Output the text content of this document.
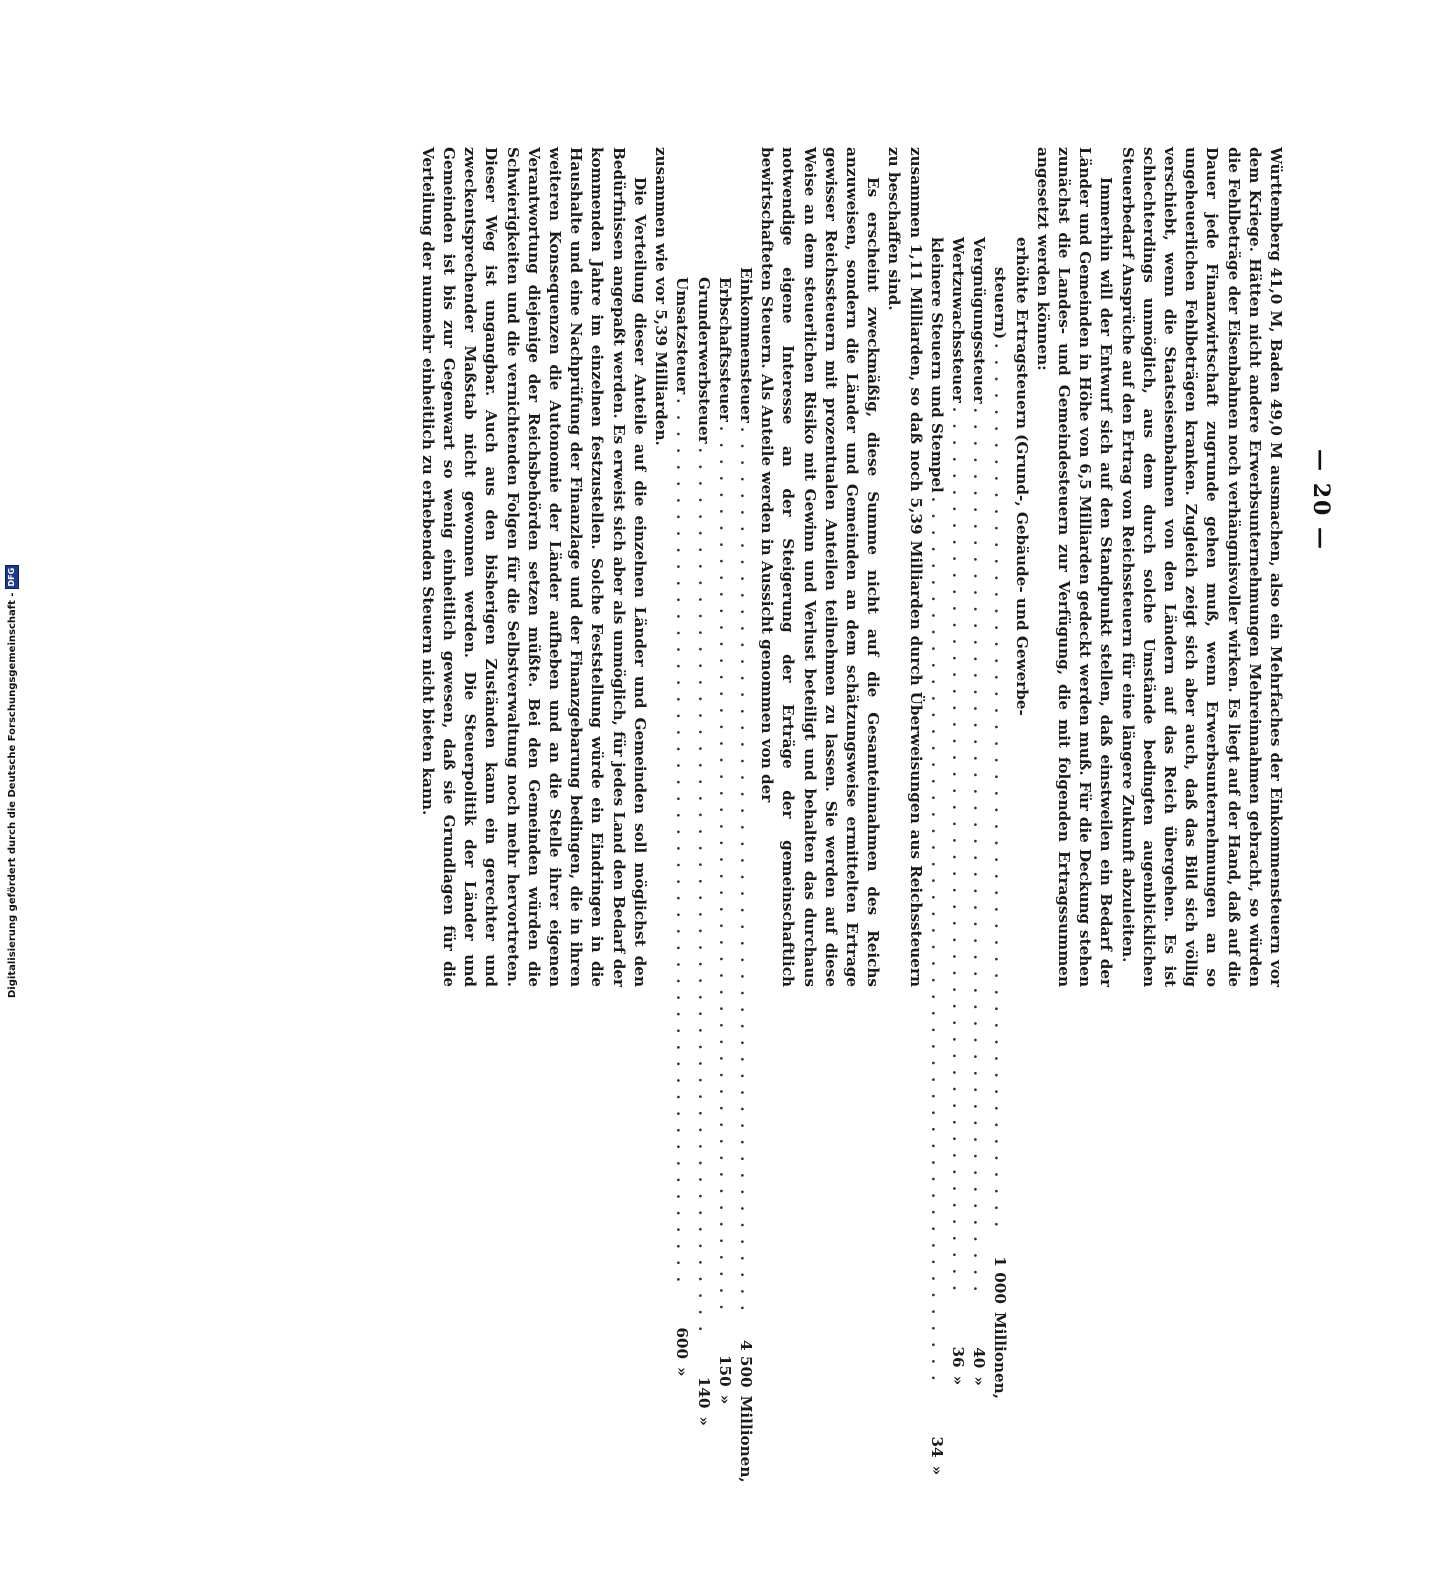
— 20 —

Württemberg 41,0 M, Baden 49,0 M ausmachen, also ein Mehrfaches der Einkommensteuern vor dem Kriege. Hätten nicht andere Erwerbsunternehmungen Mehreinnahmen gebracht, so würden die Fehlbeträge der Eisenbahnen noch verhängnisvoller wirken. Es liegt auf der Hand, daß auf die Dauer jede Finanzwirtschaft zugrunde gehen muß, wenn Erwerbsunternehmungen an so ungeheuerlichen Fehlbeträgen kranken. Zugleich zeigt sich aber auch, daß das Bild sich völlig verschiebt, wenn die Staatseisenbahnen von den Ländern auf das Reich übergehen. Es ist schlechterdings unmöglich, aus dem durch solche Umstände bedingten augenblicklichen Steuerbedarf Ansprüche auf den Ertrag von Reichssteuern für eine längere Zukunft abzuleiten.

Immerhin will der Entwurf sich auf den Standpunkt stellen, daß einstweilen ein Bedarf der Länder und Gemeinden in Höhe von 6,5 Milliarden gedeckt werden muß. Für die Deckung stehen zunächst die Landes- und Gemeindesteuern zur Verfügung, die mit folgenden Ertragssummen angesetzt werden können:

erhöhte Ertragsteuern (Grund-, Gebäude- und Gewerbe-
steuern)
. . . . . . . . . . . . . . . . . . . . . . . . . . . . . . . . . . . . . . . . . . . . . . . . . . . . . .
1 000
Millionen,
Vergnügungssteuer
. . . . . . . . . . . . . . . . . . . . . . . . . . . . . . . . . . . . . . . . . . . . . . . . . . . . . .
40
»
Wertzuwachssteuer
. . . . . . . . . . . . . . . . . . . . . . . . . . . . . . . . . . . . . . . . . . . . . . . . . . . . . .
36
»
kleinere Steuern und Stempel
. . . . . . . . . . . . . . . . . . . . . . . . . . . . . . . . . . . . . . . . . . . . . . . . . . . . . .
34
»

zusammen 1,11 Milliarden, so daß noch 5,39 Milliarden durch Überweisungen aus Reichssteuern zu beschaffen sind.

Es erscheint zweckmäßig, diese Summe nicht auf die Gesamteinnahmen des Reichs anzuweisen, sondern die Länder und Gemeinden an dem schätzungsweise ermittelten Ertrage gewisser Reichssteuern mit prozentualen Anteilen teilnehmen zu lassen. Sie werden auf diese Weise an dem steuerlichen Risiko mit Gewinn und Verlust beteiligt und behalten das durchaus notwendige eigene Interesse an der Steigerung der Erträge der gemeinschaftlich bewirtschafteten Steuern. Als Anteile werden in Aussicht genommen von der

Einkommensteuer
. . . . . . . . . . . . . . . . . . . . . . . . . . . . . . . . . . . . . . . . . . . . . . . . . . . . . .
4 500
Millionen,
Erbschaftssteuer
. . . . . . . . . . . . . . . . . . . . . . . . . . . . . . . . . . . . . . . . . . . . . . . . . . . . . .
150
»
Grunderwerbsteuer
. . . . . . . . . . . . . . . . . . . . . . . . . . . . . . . . . . . . . . . . . . . . . . . . . . . . . .
140
»
Umsatzsteuer
. . . . . . . . . . . . . . . . . . . . . . . . . . . . . . . . . . . . . . . . . . . . . . . . . . . . . .
600
»
zusammen wie vor 5,39 Milliarden.

Die Verteilung dieser Anteile auf die einzelnen Länder und Gemeinden soll möglichst den Bedürfnissen angepaßt werden. Es erweist sich aber als unmöglich, für jedes Land den Bedarf der kommenden Jahre im einzelnen festzustellen. Solche Feststellung würde ein Eindringen in die Haushalte und eine Nachprüfung der Finanzlage und der Finanzgebarung bedingen, die in ihren weiteren Konsequenzen die Autonomie der Länder aufheben und an die Stelle ihrer eigenen Verantwortung diejenige der Reichsbehörden setzen müßte. Bei den Gemeinden würden die Schwierigkeiten und die vernichtenden Folgen für die Selbstverwaltung noch mehr hervortreten. Dieser Weg ist ungangbar. Auch aus den bisherigen Zuständen kann ein gerechter und zweckentsprechender Maßstab nicht gewonnen werden. Die Steuerpolitik der Länder und Gemeinden ist bis zur Gegenwart so wenig einheitlich gewesen, daß sie Grundlagen für die Verteilung der nunmehr einheitlich zu erhebenden Steuern nicht bieten kann.

Digitalisierung gefördert durch die Deutsche Forschungsgemeinschaft -
DFG
